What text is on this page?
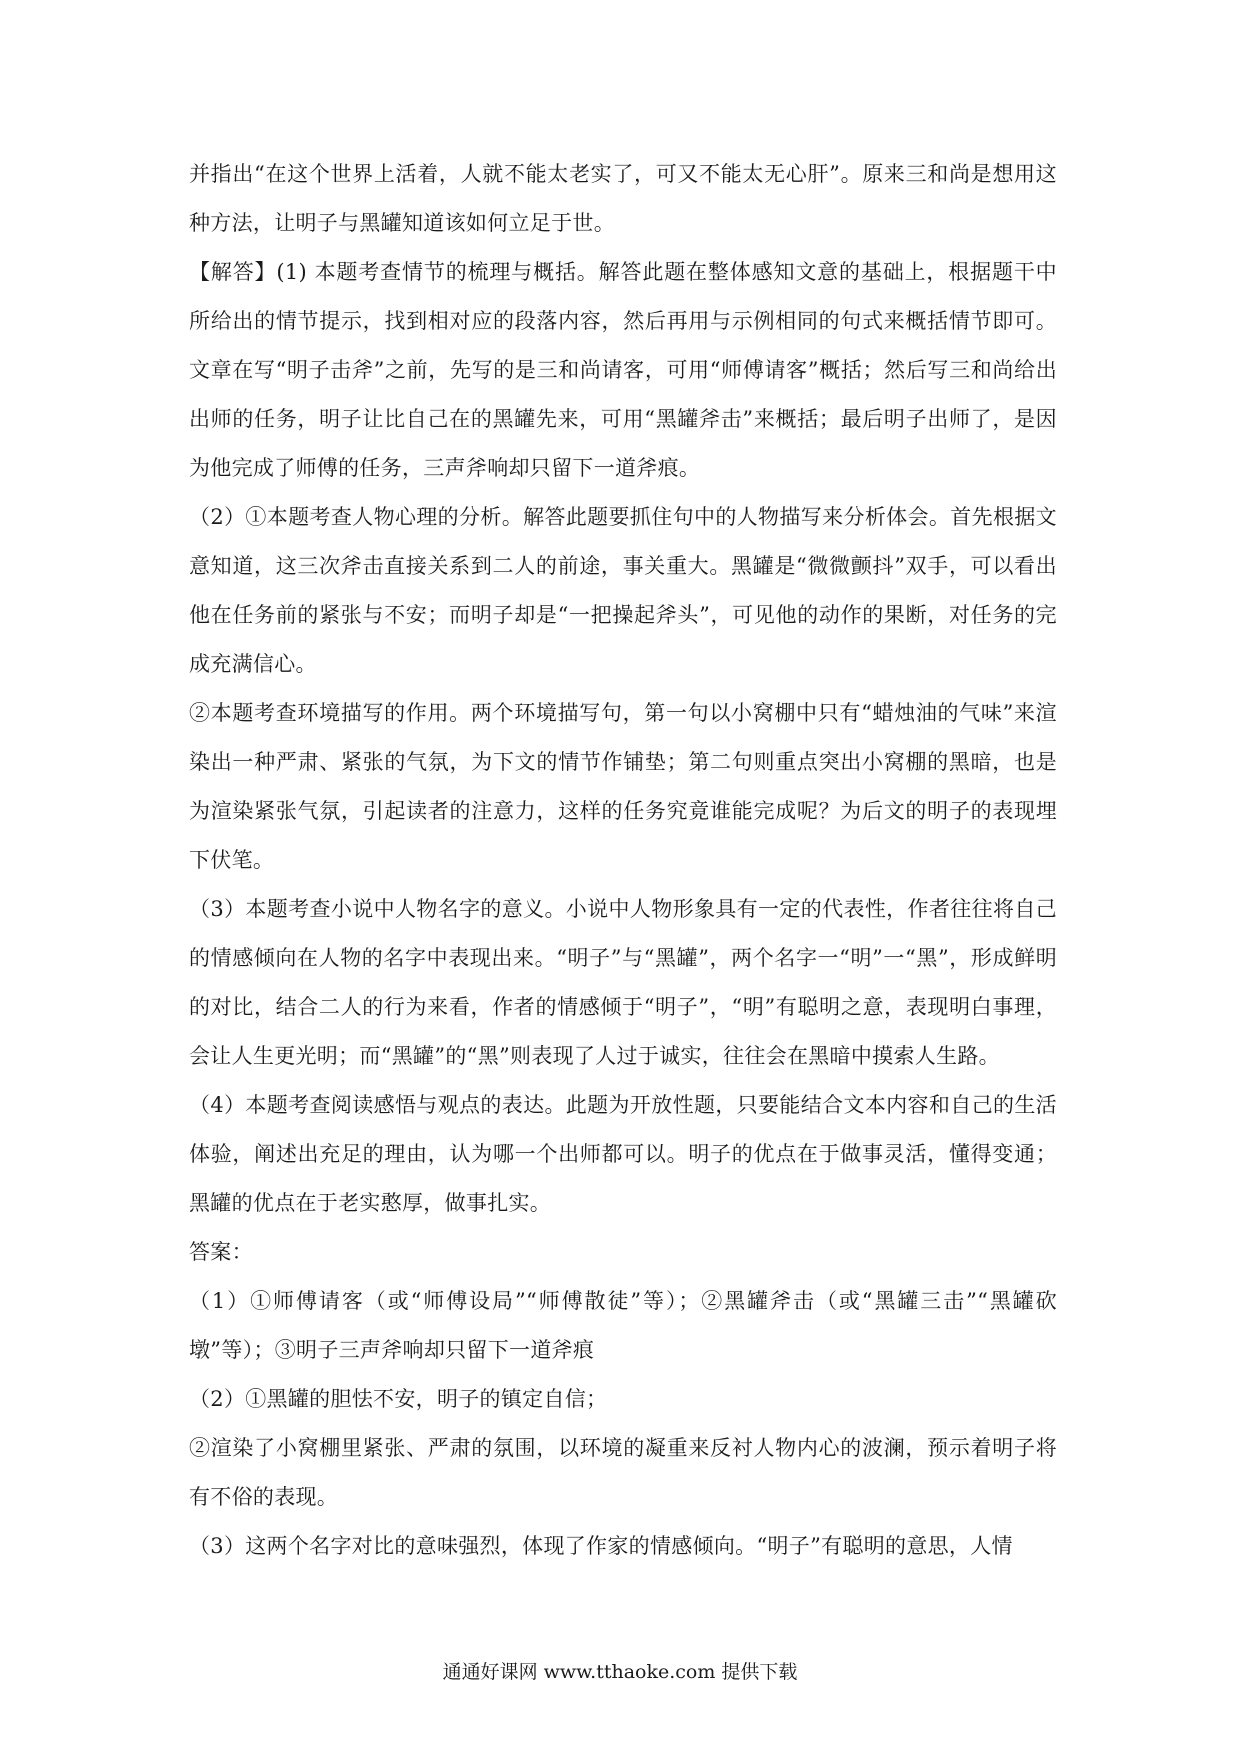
并指出“在这个世界上活着，人就不能太老实了，可又不能太无心肝”。原来三和尚是想用这种方法，让明子与黑罐知道该如何立足于世。

【解答】(1) 本题考查情节的梳理与概括。解答此题在整体感知文意的基础上，根据题干中所给出的情节提示，找到相对应的段落内容，然后再用与示例相同的句式来概括情节即可。文章在写“明子击斧”之前，先写的是三和尚请客，可用“师傅请客”概括；然后写三和尚给出出师的任务，明子让比自己在的黑罐先来，可用“黑罐斧击”来概括；最后明子出师了，是因为他完成了师傅的任务，三声斧响却只留下一道斧痕。

（2）①本题考查人物心理的分析。解答此题要抓住句中的人物描写来分析体会。首先根据文意知道，这三次斧击直接关系到二人的前途，事关重大。黑罐是“微微颤抖”双手，可以看出他在任务前的紧张与不安；而明子却是“一把操起斧头”，可见他的动作的果断，对任务的完成充满信心。

②本题考查环境描写的作用。两个环境描写句，第一句以小窝棚中只有“蜡烛油的气味”来渲染出一种严肃、紧张的气氛，为下文的情节作铺垫；第二句则重点突出小窝棚的黑暗，也是为渲染紧张气氛，引起读者的注意力，这样的任务究竟谁能完成呢？为后文的明子的表现埋下伏笔。

（3）本题考查小说中人物名字的意义。小说中人物形象具有一定的代表性，作者往往将自己的情感倾向在人物的名字中表现出来。“明子”与“黑罐”，两个名字一“明”一“黑”，形成鲜明的对比，结合二人的行为来看，作者的情感倾于“明子”，“明”有聪明之意，表现明白事理，会让人生更光明；而“黑罐”的“黑”则表现了人过于诚实，往往会在黑暗中摸索人生路。

（4）本题考查阅读感悟与观点的表达。此题为开放性题，只要能结合文本内容和自己的生活体验，阐述出充足的理由，认为哪一个出师都可以。明子的优点在于做事灵活，懂得变通；黑罐的优点在于老实憨厚，做事扎实。

答案：

（1）①师傅请客（或“师傅设局”“师傅散徒”等）；②黑罐斧击（或“黑罐三击”“黑罐砍墩”等）；③明子三声斧响却只留下一道斧痕

（2）①黑罐的胆怯不安，明子的镇定自信；

②渲染了小窝棚里紧张、严肃的氛围，以环境的凝重来反衬人物内心的波澜，预示着明子将有不俗的表现。

（3）这两个名字对比的意味强烈，体现了作家的情感倾向。“明子”有聪明的意思，人情

通通好课网 www.tthaoke.com 提供下载
